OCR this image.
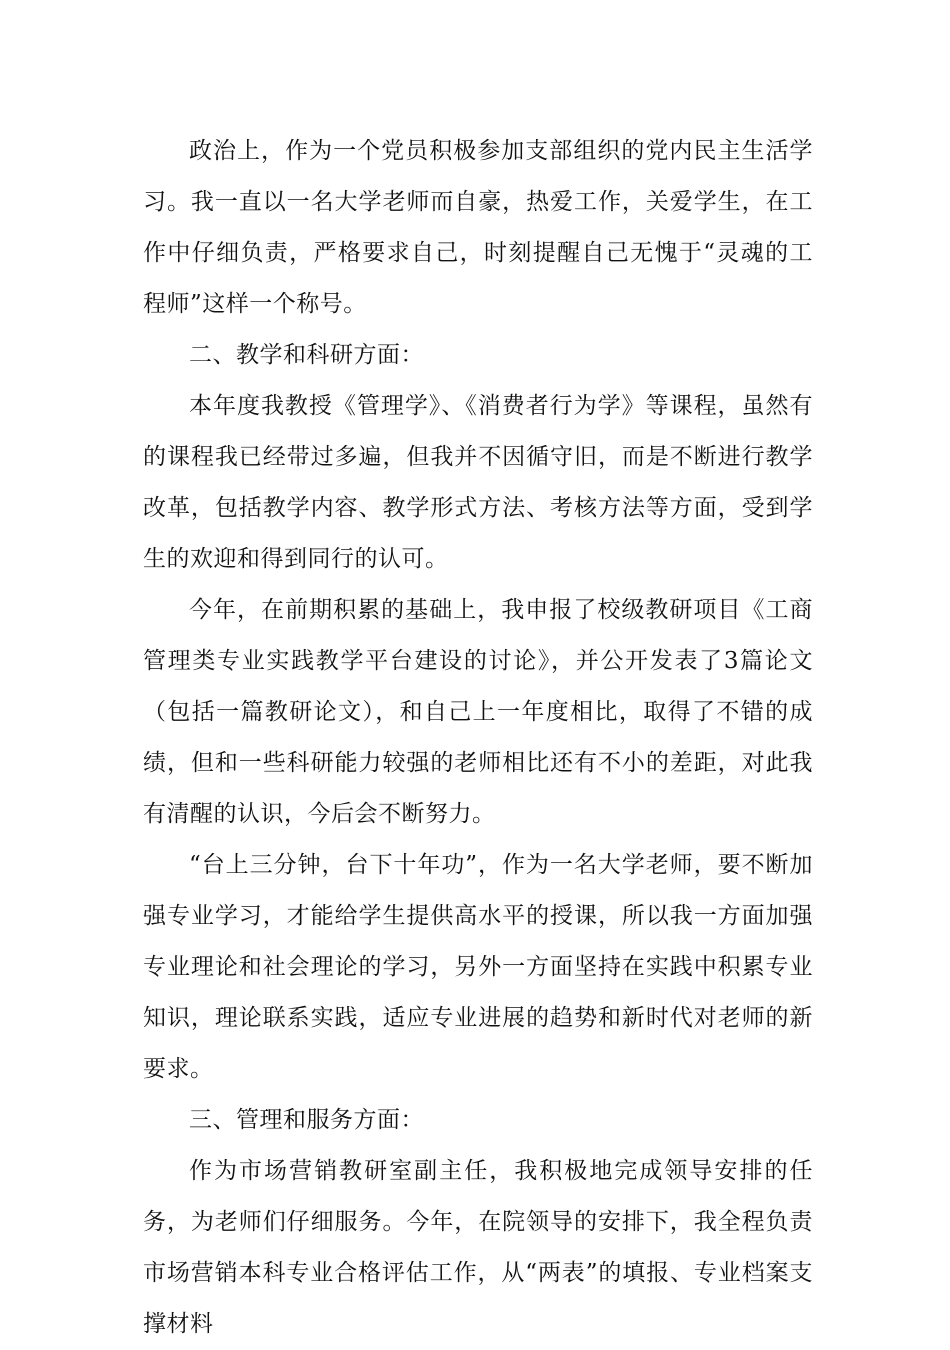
政治上，作为一个党员积极参加支部组织的党内民主生活学习。我一直以一名大学老师而自豪，热爱工作，关爱学生，在工作中仔细负责，严格要求自己，时刻提醒自己无愧于“灵魂的工程师”这样一个称号。

二、教学和科研方面：

本年度我教授《管理学》、《消费者行为学》等课程，虽然有的课程我已经带过多遍，但我并不因循守旧，而是不断进行教学改革，包括教学内容、教学形式方法、考核方法等方面，受到学生的欢迎和得到同行的认可。

今年，在前期积累的基础上，我申报了校级教研项目《工商管理类专业实践教学平台建设的讨论》，并公开发表了3篇论文（包括一篇教研论文），和自己上一年度相比，取得了不错的成绩，但和一些科研能力较强的老师相比还有不小的差距，对此我有清醒的认识，今后会不断努力。

“台上三分钟，台下十年功”，作为一名大学老师，要不断加强专业学习，才能给学生提供高水平的授课，所以我一方面加强专业理论和社会理论的学习，另外一方面坚持在实践中积累专业知识，理论联系实践，适应专业进展的趋势和新时代对老师的新要求。

三、管理和服务方面：

作为市场营销教研室副主任，我积极地完成领导安排的任务，为老师们仔细服务。今年，在院领导的安排下，我全程负责市场营销本科专业合格评估工作，从“两表”的填报、专业档案支撑材料
